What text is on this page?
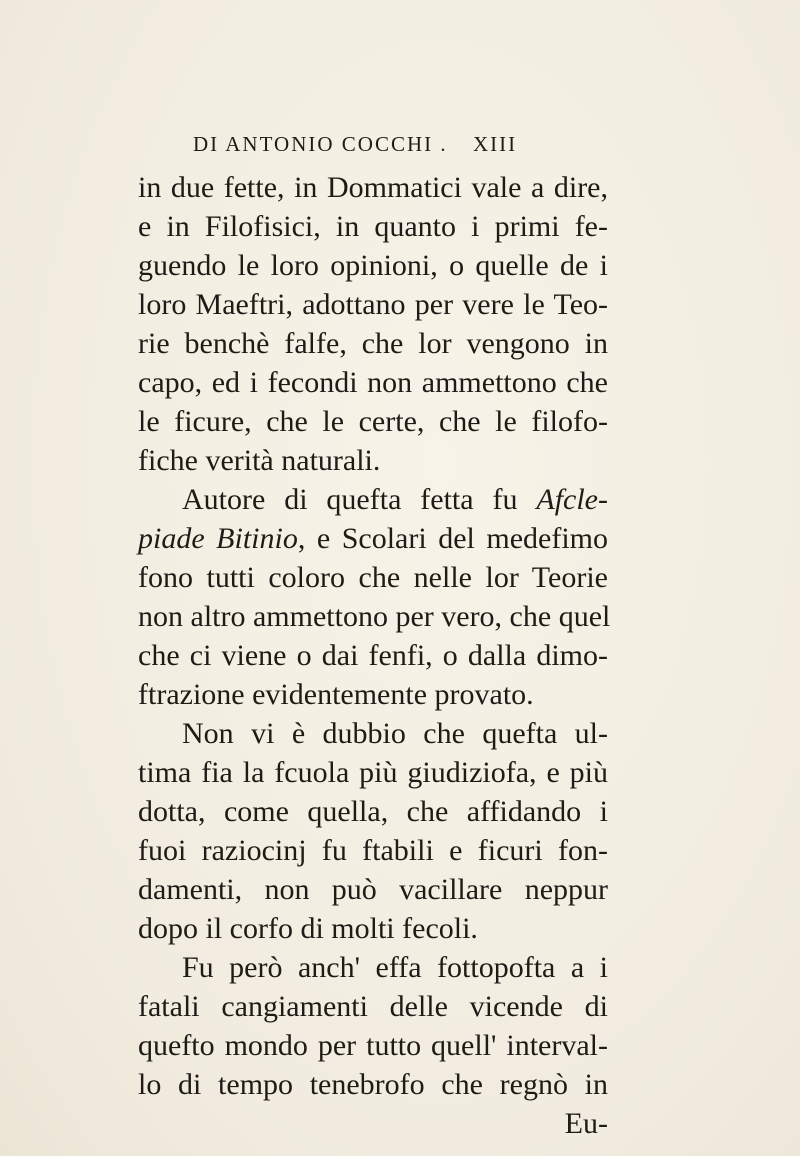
DI ANTONIO COCCHI . XIII
in due fette, in Dommatici vale a dire,
e in Filofisici, in quanto i primi fe-
guendo le loro opinioni, o quelle de i
loro Maeftri, adottano per vere le Teo-
rie benchè falfe, che lor vengono in
capo, ed i fecondi non ammettono che
le ficure, che le certe, che le filofo-
fiche verità naturali.
Autore di quefta fetta fu Afcle-
piade Bitinio, e Scolari del medefimo
fono tutti coloro che nelle lor Teorie
non altro ammettono per vero, che quel
che ci viene o dai fenfi, o dalla dimo-
ftrazione evidentemente provato.
Non vi è dubbio che quefta ul-
tima fia la fcuola più giudiziofa, e più
dotta, come quella, che affidando i
fuoi raziocinj fu ftabili e ficuri fon-
damenti, non può vacillare neppur
dopo il corfo di molti fecoli.
Fu però anch' effa fottopofta a i
fatali cangiamenti delle vicende di
quefto mondo per tutto quell' interval-
lo di tempo tenebrofo che regnò in
Eu-
